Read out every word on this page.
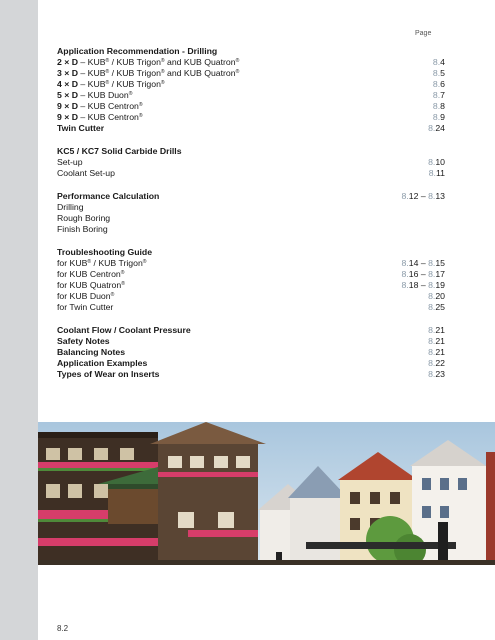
Page
Application Recommendation - Drilling
2 × D – KUB® / KUB Trigon® and KUB Quatron®	8.4
3 × D – KUB® / KUB Trigon® and KUB Quatron®	8.5
4 × D – KUB® / KUB Trigon®	8.6
5 × D – KUB Duon®	8.7
9 × D – KUB Centron®	8.8
9 × D – KUB Centron®	8.9
Twin Cutter	8.24
KC5 / KC7 Solid Carbide Drills
Set-up	8.10
Coolant Set-up	8.11
Performance Calculation	8.12 – 8.13
Drilling
Rough Boring
Finish Boring
Troubleshooting Guide
for KUB® / KUB Trigon®	8.14 – 8.15
for KUB Centron®	8.16 – 8.17
for KUB Quatron®	8.18 – 8.19
for KUB Duon®	8.20
for Twin Cutter	8.25
Coolant Flow / Coolant Pressure	8.21
Safety Notes	8.21
Balancing Notes	8.21
Application Examples	8.22
Types of Wear on Inserts	8.23
8.2
